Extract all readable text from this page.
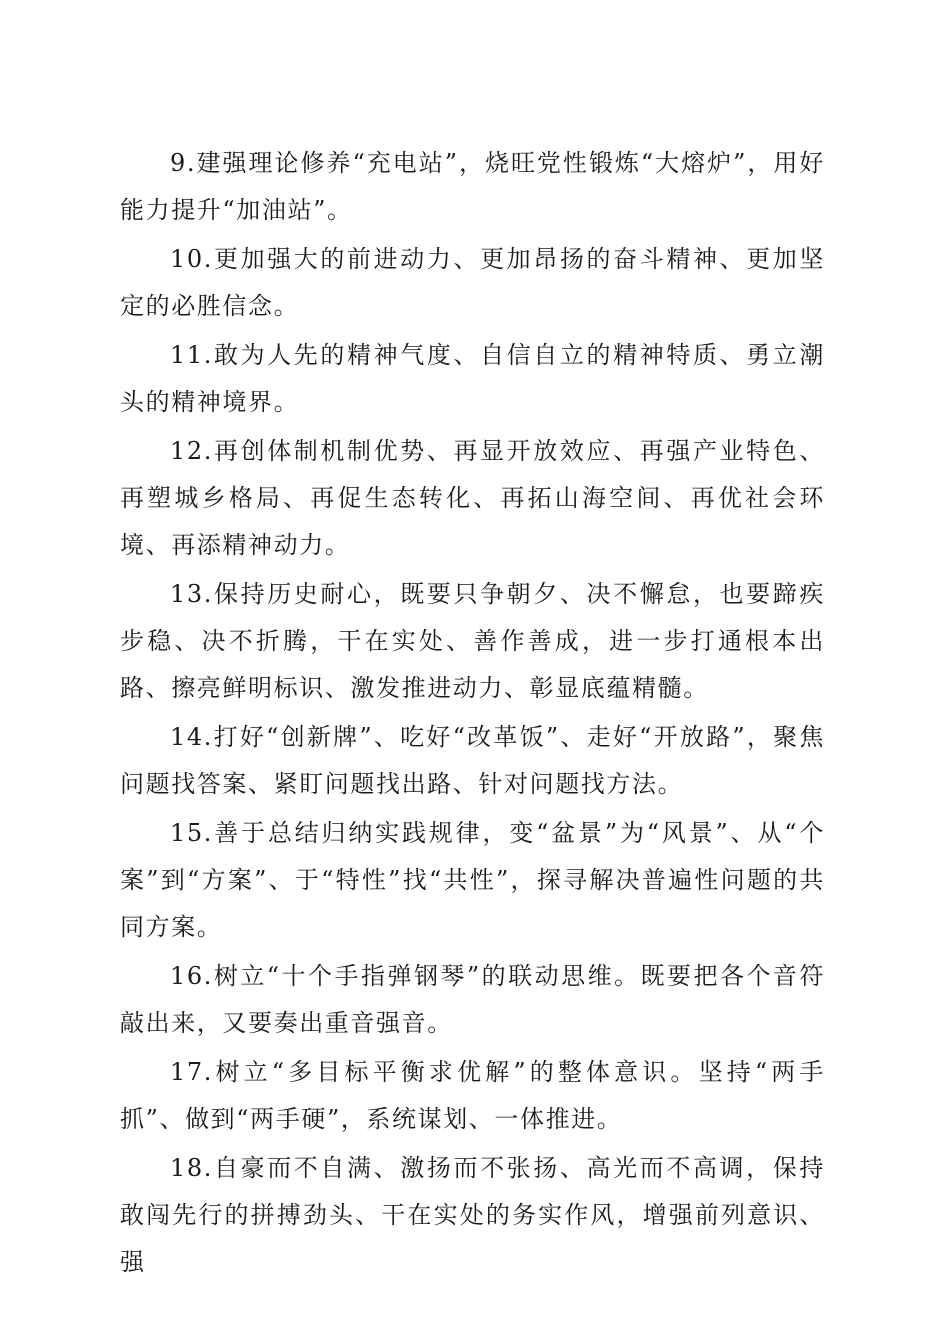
9.建强理论修养“充电站”，烧旺党性锻炼“大熔炉”，用好能力提升“加油站”。

10.更加强大的前进动力、更加昂扬的奋斗精神、更加坚定的必胜信念。

11.敢为人先的精神气度、自信自立的精神特质、勇立潮头的精神境界。

12.再创体制机制优势、再显开放效应、再强产业特色、再塑城乡格局、再促生态转化、再拓山海空间、再优社会环境、再添精神动力。

13.保持历史耐心，既要只争朝夕、决不懈怠，也要蹄疾步稳、决不折腾，干在实处、善作善成，进一步打通根本出路、擦亮鲜明标识、激发推进动力、彰显底蕴精髓。

14.打好“创新牌”、吃好“改革饭”、走好“开放路”，聚焦问题找答案、紧盯问题找出路、针对问题找方法。

15.善于总结归纳实践规律，变“盆景”为“风景”、从“个案”到“方案”、于“特性”找“共性”，探寻解决普遍性问题的共同方案。

16.树立“十个手指弹钢琴”的联动思维。既要把各个音符敲出来，又要奏出重音强音。

17.树立“多目标平衡求优解”的整体意识。坚持“两手抓”、做到“两手硬”，系统谋划、一体推进。

18.自豪而不自满、激扬而不张扬、高光而不高调，保持敢闯先行的拼搏劲头、干在实处的务实作风，增强前列意识、强
